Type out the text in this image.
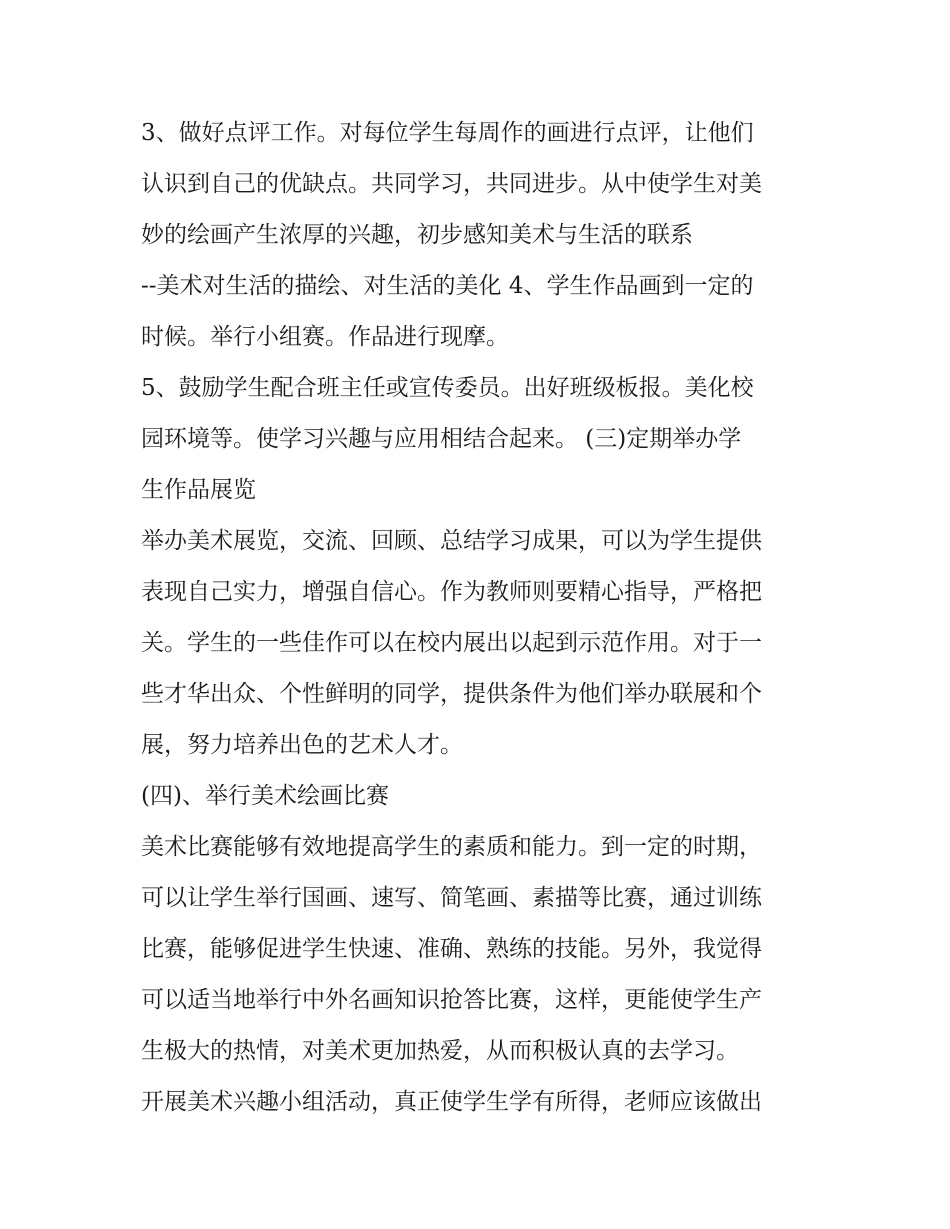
3、做好点评工作。对每位学生每周作的画进行点评，让他们

认识到自己的优缺点。共同学习，共同进步。从中使学生对美

妙的绘画产生浓厚的兴趣，初步感知美术与生活的联系

--美术对生活的描绘、对生活的美化 4、学生作品画到一定的

时候。举行小组赛。作品进行现摩。

5、鼓励学生配合班主任或宣传委员。出好班级板报。美化校

园环境等。使学习兴趣与应用相结合起来。 (三)定期举办学

生作品展览

举办美术展览，交流、回顾、总结学习成果，可以为学生提供

表现自己实力，增强自信心。作为教师则要精心指导，严格把

关。学生的一些佳作可以在校内展出以起到示范作用。对于一

些才华出众、个性鲜明的同学，提供条件为他们举办联展和个

展，努力培养出色的艺术人才。

(四)、举行美术绘画比赛

美术比赛能够有效地提高学生的素质和能力。到一定的时期，

可以让学生举行国画、速写、简笔画、素描等比赛，通过训练

比赛，能够促进学生快速、准确、熟练的技能。另外，我觉得

可以适当地举行中外名画知识抢答比赛，这样，更能使学生产

生极大的热情，对美术更加热爱，从而积极认真的去学习。

开展美术兴趣小组活动，真正使学生学有所得，老师应该做出
